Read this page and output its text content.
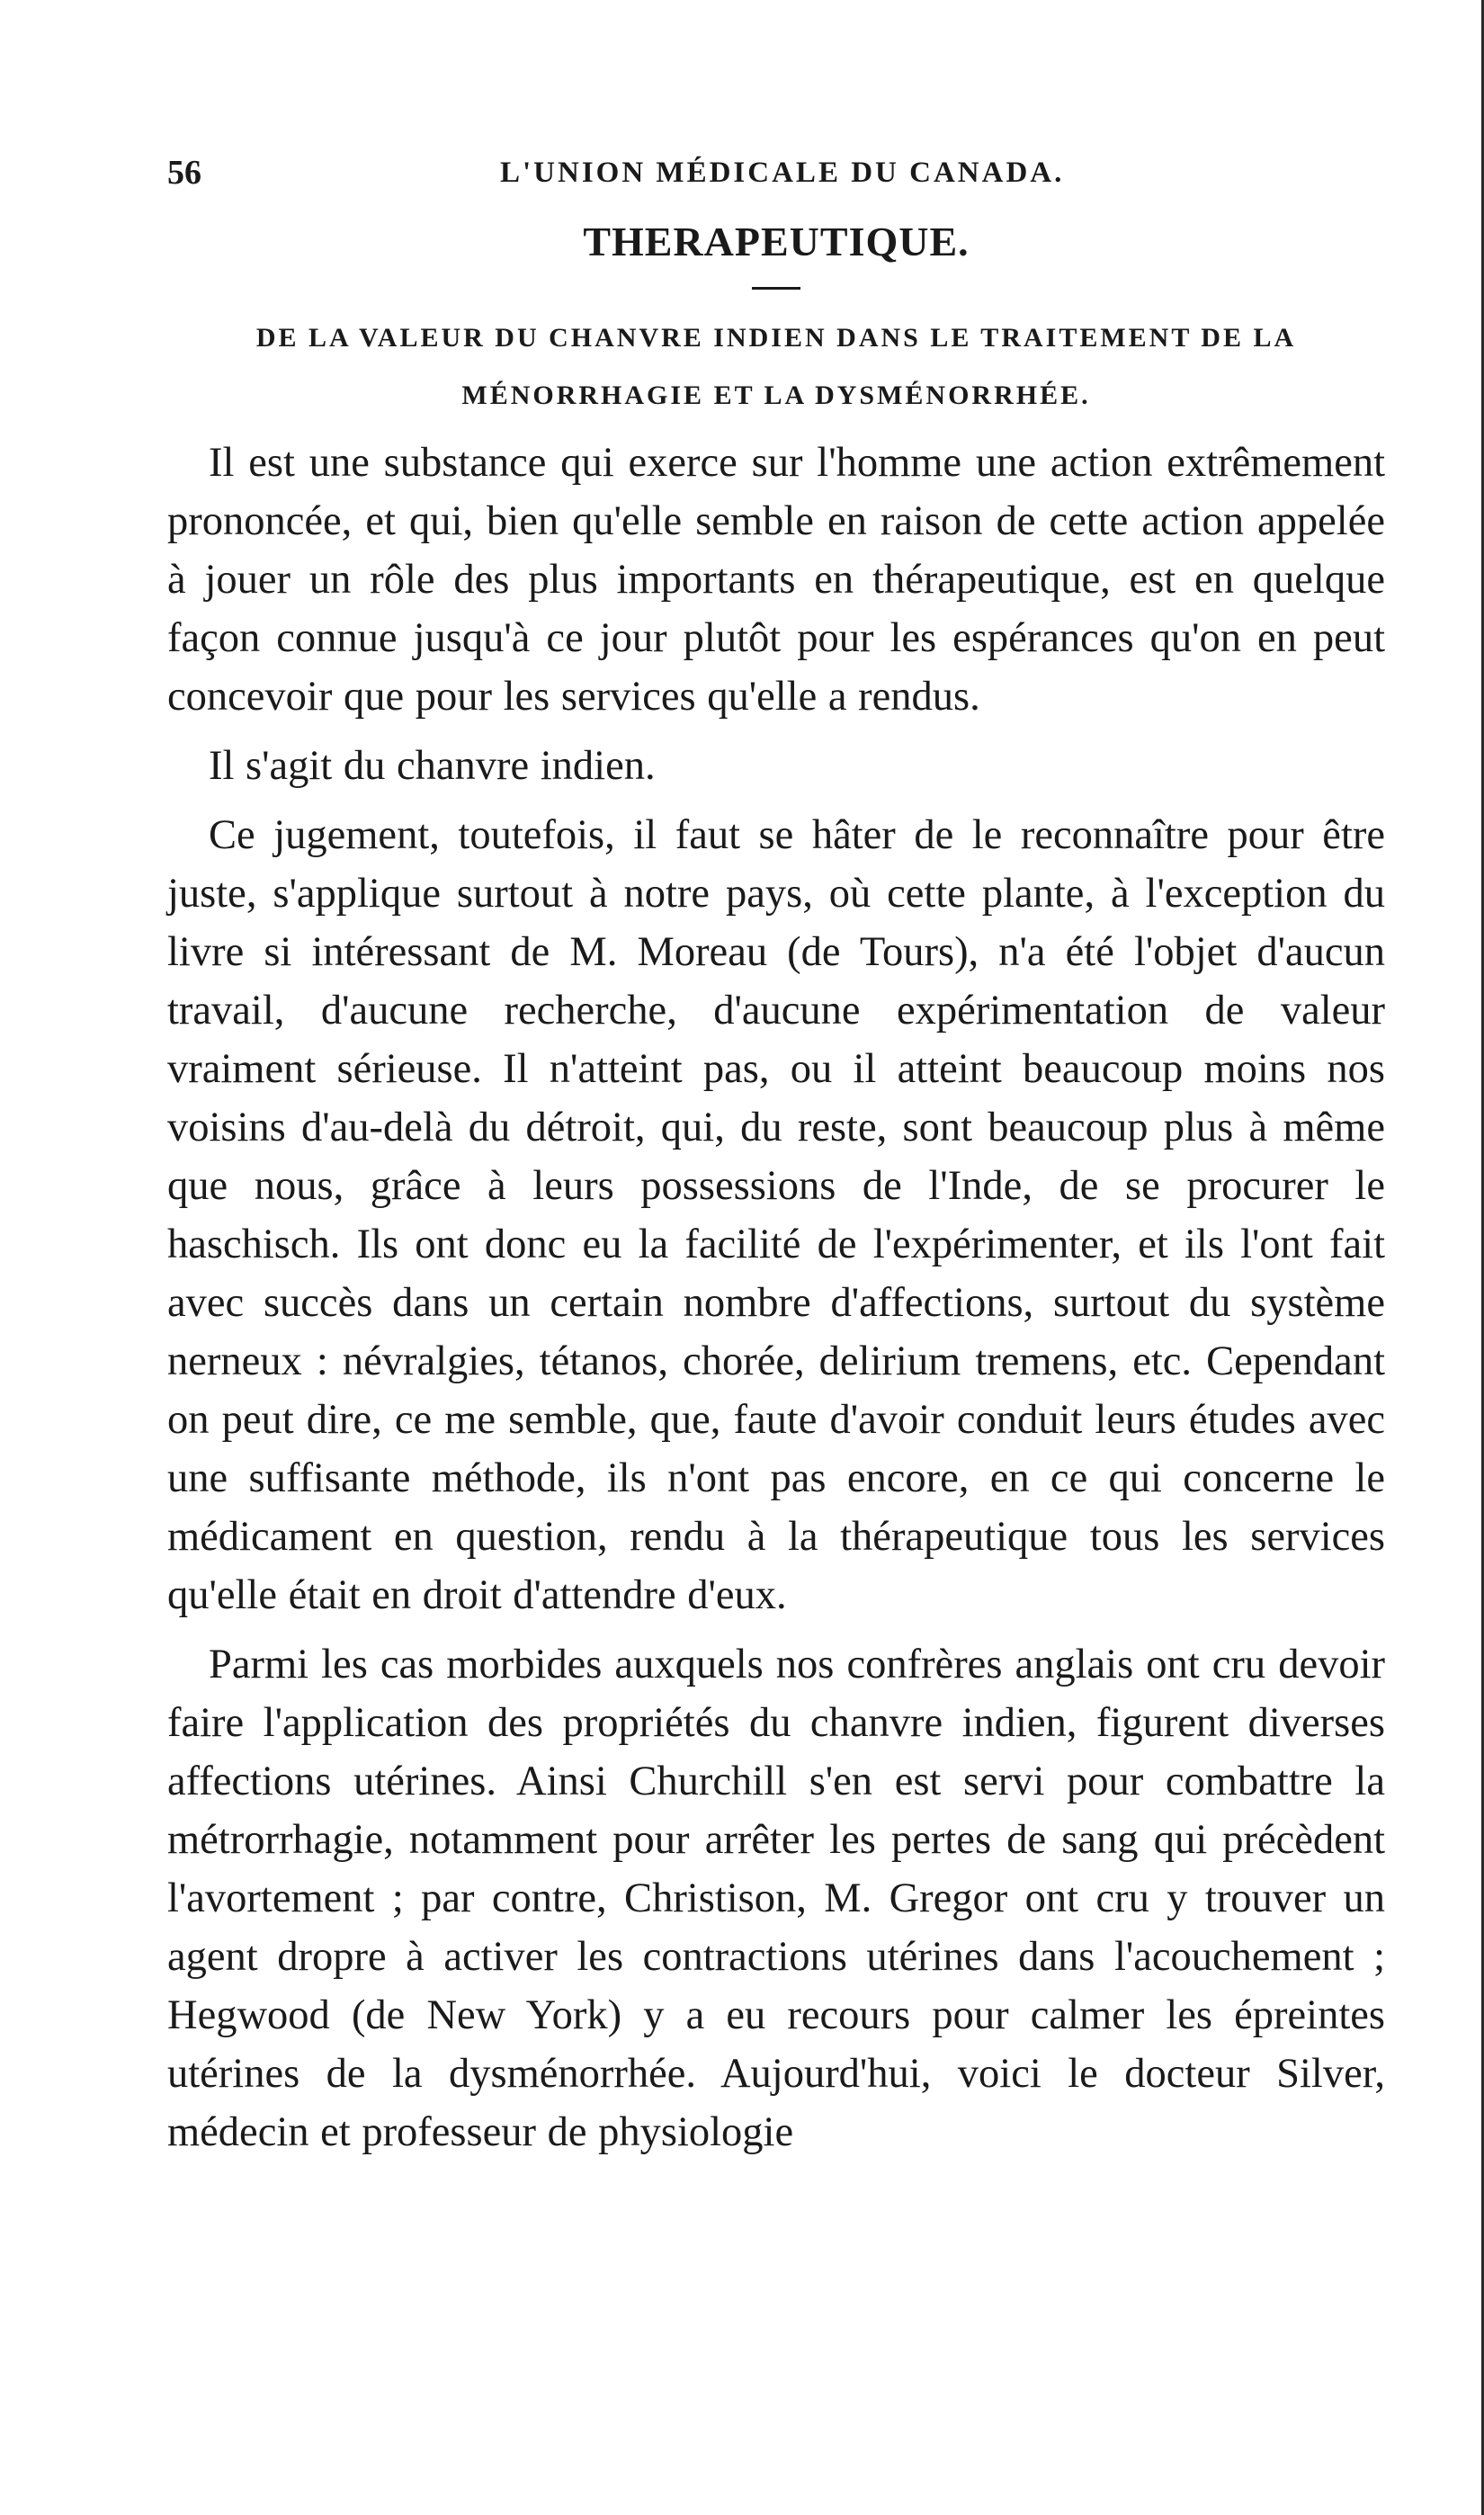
56	L'UNION MÉDICALE DU CANADA.
THERAPEUTIQUE.
DE LA VALEUR DU CHANVRE INDIEN DANS LE TRAITEMENT DE LA
MÉNORRHAGIE ET LA DYSMÉNORRHÉE.

Il est une substance qui exerce sur l'homme une action extrêmement prononcée, et qui, bien qu'elle semble en raison de cette action appelée à jouer un rôle des plus importants en thérapeutique, est en quelque façon connue jusqu'à ce jour plutôt pour les espérances qu'on en peut concevoir que pour les services qu'elle a rendus.

Il s'agit du chanvre indien.

Ce jugement, toutefois, il faut se hâter de le reconnaître pour être juste, s'applique surtout à notre pays, où cette plante, à l'exception du livre si intéressant de M. Moreau (de Tours), n'a été l'objet d'aucun travail, d'aucune recherche, d'aucune expérimentation de valeur vraiment sérieuse. Il n'atteint pas, ou il atteint beaucoup moins nos voisins d'au-delà du détroit, qui, du reste, sont beaucoup plus à même que nous, grâce à leurs possessions de l'Inde, de se procurer le haschisch. Ils ont donc eu la facilité de l'expérimenter, et ils l'ont fait avec succès dans un certain nombre d'affections, surtout du système nerneux : névralgies, tétanos, chorée, delirium tremens, etc. Cependant on peut dire, ce me semble, que, faute d'avoir conduit leurs études avec une suffisante méthode, ils n'ont pas encore, en ce qui concerne le médicament en question, rendu à la thérapeutique tous les services qu'elle était en droit d'attendre d'eux.

Parmi les cas morbides auxquels nos confrères anglais ont cru devoir faire l'application des propriétés du chanvre indien, figurent diverses affections utérines. Ainsi Churchill s'en est servi pour combattre la métrorrhagie, notamment pour arrêter les pertes de sang qui précèdent l'avortement ; par contre, Christison, M. Gregor ont cru y trouver un agent dropre à activer les contractions utérines dans l'acouchement ; Hegwood (de New York) y a eu recours pour calmer les épreintes utérines de la dysménorrhée. Aujourd'hui, voici le docteur Silver, médecin et professeur de physiologie
